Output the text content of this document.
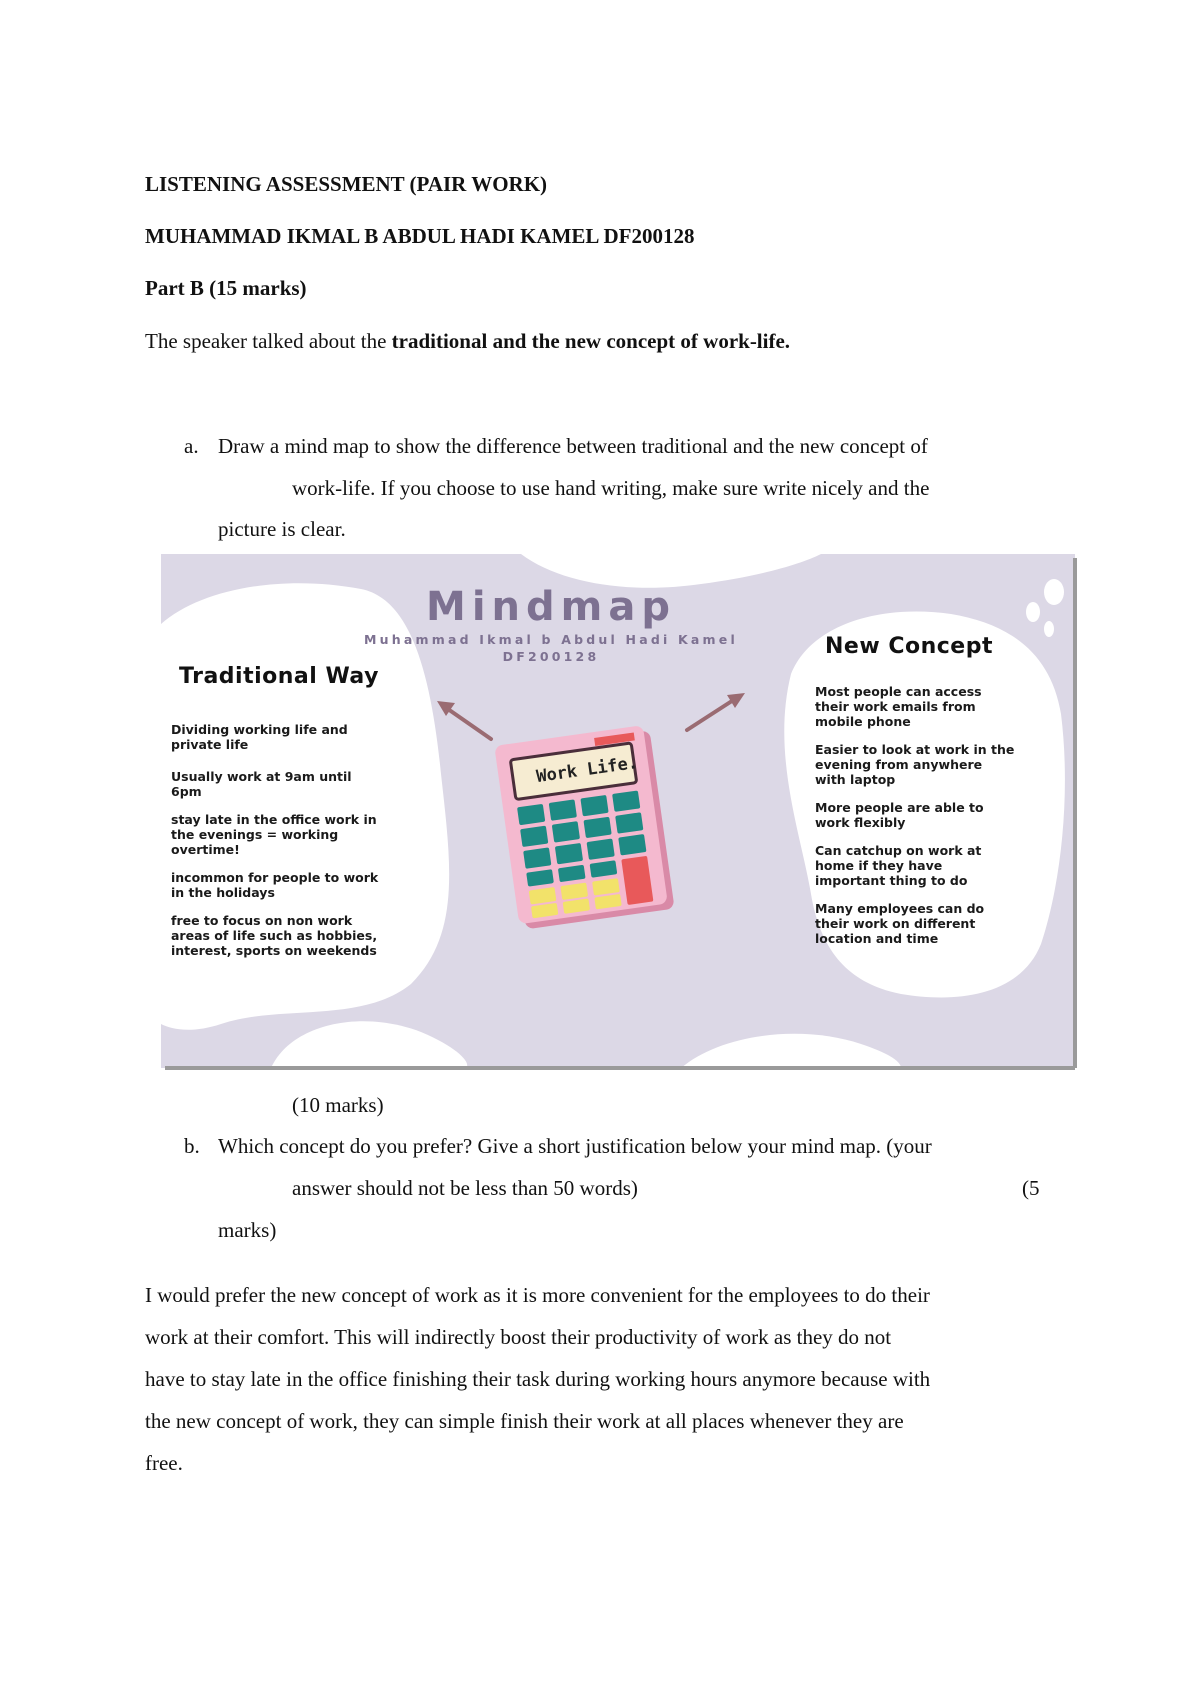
LISTENING ASSESSMENT (PAIR WORK)
MUHAMMAD IKMAL B ABDUL HADI KAMEL DF200128
Part B (15 marks)
The speaker talked about the traditional and the new concept of work-life.
a. Draw a mind map to show the difference between traditional and the new concept of
work-life. If you choose to use hand writing, make sure write nicely and the
picture is clear.
Mindmap
Muhammad Ikmal b Abdul Hadi Kamel
DF200128
Work Life.
Traditional Way
Dividing working life and private life
Usually work at 9am until 6pm
stay late in the office work in the evenings = working overtime!
incommon for people to work in the holidays
free to focus on non work areas of life such as hobbies, interest, sports on weekends
New Concept
Most people can access their work emails from mobile phone
Easier to look at work in the evening from anywhere with laptop
More people are able to work flexibly
Can catchup on work at home if they have important thing to do
Many employees can do their work on different location and time
(10 marks)
b. Which concept do you prefer? Give a short justification below your mind map. (your
answer should not be less than 50 words)	(5
marks)
I would prefer the new concept of work as it is more convenient for the employees to do their
work at their comfort. This will indirectly boost their productivity of work as they do not
have to stay late in the office finishing their task during working hours anymore because with
the new concept of work, they can simple finish their work at all places whenever they are
free.
